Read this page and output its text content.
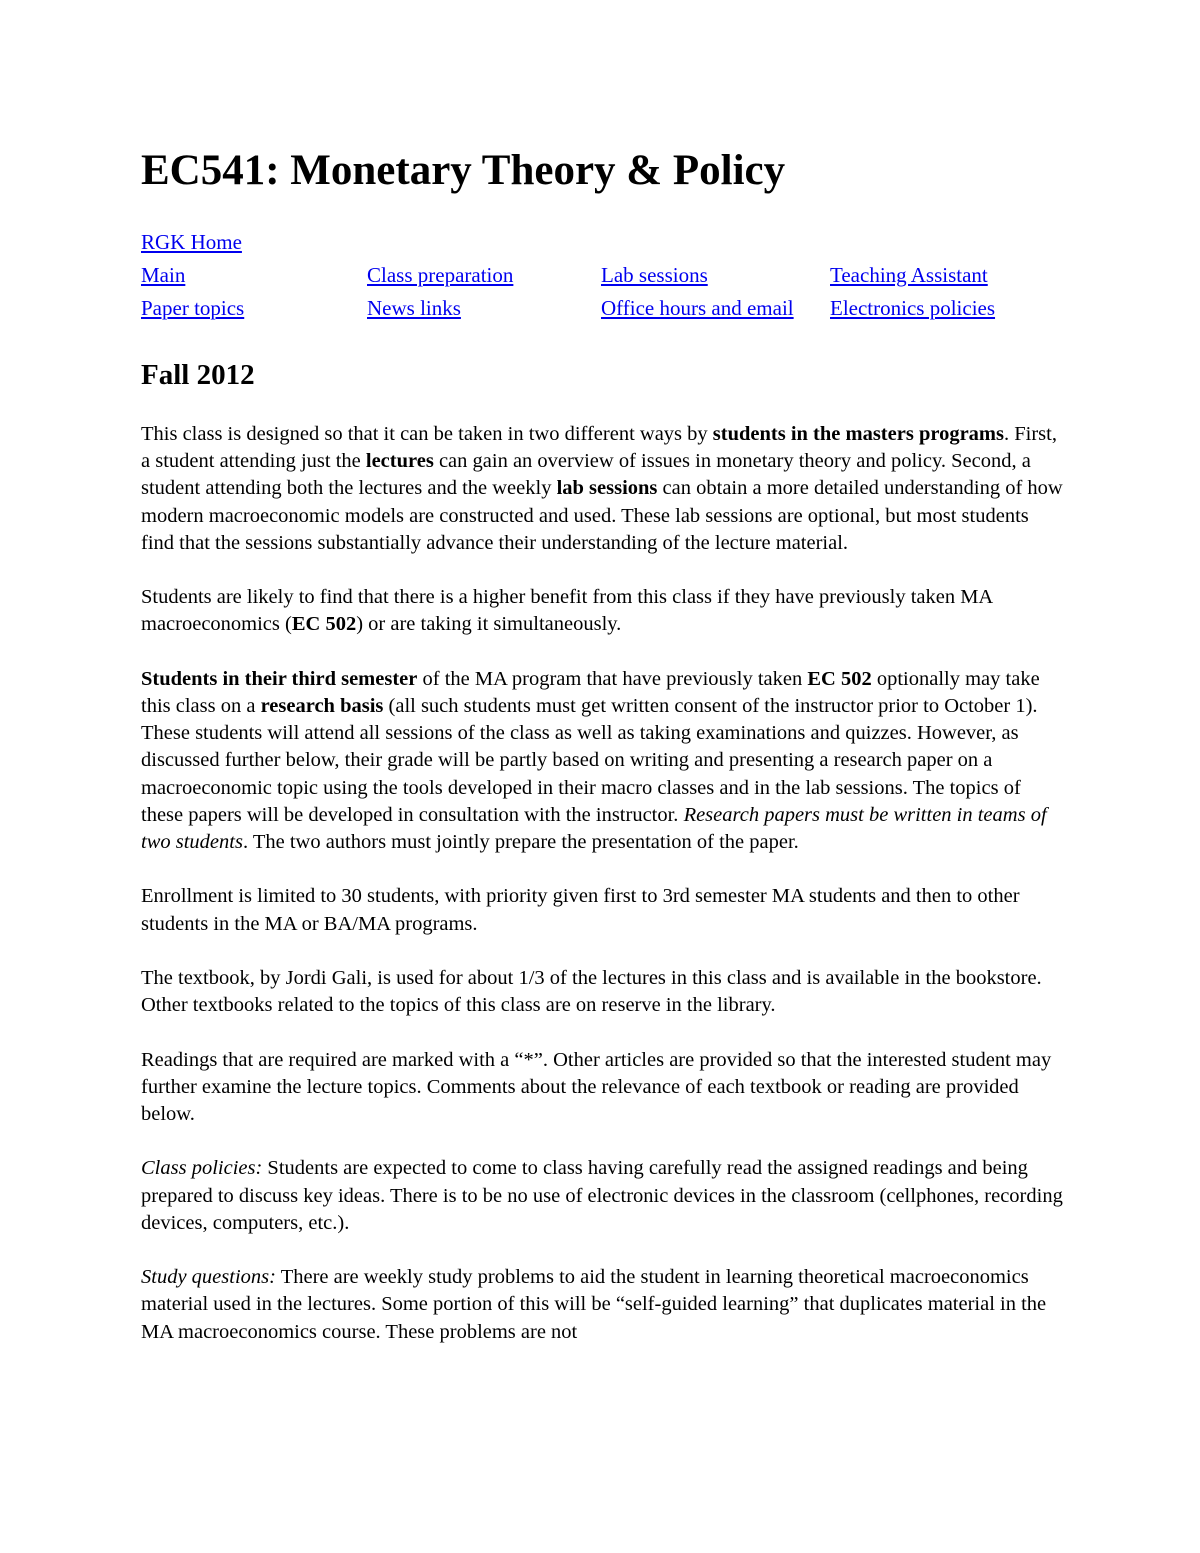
EC541: Monetary Theory & Policy
RGK Home
Main	Class preparation	Lab sessions	Teaching Assistant
Paper topics	News links	Office hours and email	Electronics policies
Fall 2012

This class is designed so that it can be taken in two different ways by students in the masters programs. First, a student attending just the lectures can gain an overview of issues in monetary theory and policy. Second, a student attending both the lectures and the weekly lab sessions can obtain a more detailed understanding of how modern macroeconomic models are constructed and used. These lab sessions are optional, but most students find that the sessions substantially advance their understanding of the lecture material.

Students are likely to find that there is a higher benefit from this class if they have previously taken MA macroeconomics (EC 502) or are taking it simultaneously.

Students in their third semester of the MA program that have previously taken EC 502 optionally may take this class on a research basis (all such students must get written consent of the instructor prior to October 1). These students will attend all sessions of the class as well as taking examinations and quizzes. However, as discussed further below, their grade will be partly based on writing and presenting a research paper on a macroeconomic topic using the tools developed in their macro classes and in the lab sessions. The topics of these papers will be developed in consultation with the instructor. Research papers must be written in teams of two students. The two authors must jointly prepare the presentation of the paper.

Enrollment is limited to 30 students, with priority given first to 3rd semester MA students and then to other students in the MA or BA/MA programs.

The textbook, by Jordi Gali, is used for about 1/3 of the lectures in this class and is available in the bookstore. Other textbooks related to the topics of this class are on reserve in the library.

Readings that are required are marked with a “*”. Other articles are provided so that the interested student may further examine the lecture topics. Comments about the relevance of each textbook or reading are provided below.

Class policies: Students are expected to come to class having carefully read the assigned readings and being prepared to discuss key ideas. There is to be no use of electronic devices in the classroom (cellphones, recording devices, computers, etc.).

Study questions: There are weekly study problems to aid the student in learning theoretical macroeconomics material used in the lectures. Some portion of this will be “self-guided learning” that duplicates material in the MA macroeconomics course. These problems are not
